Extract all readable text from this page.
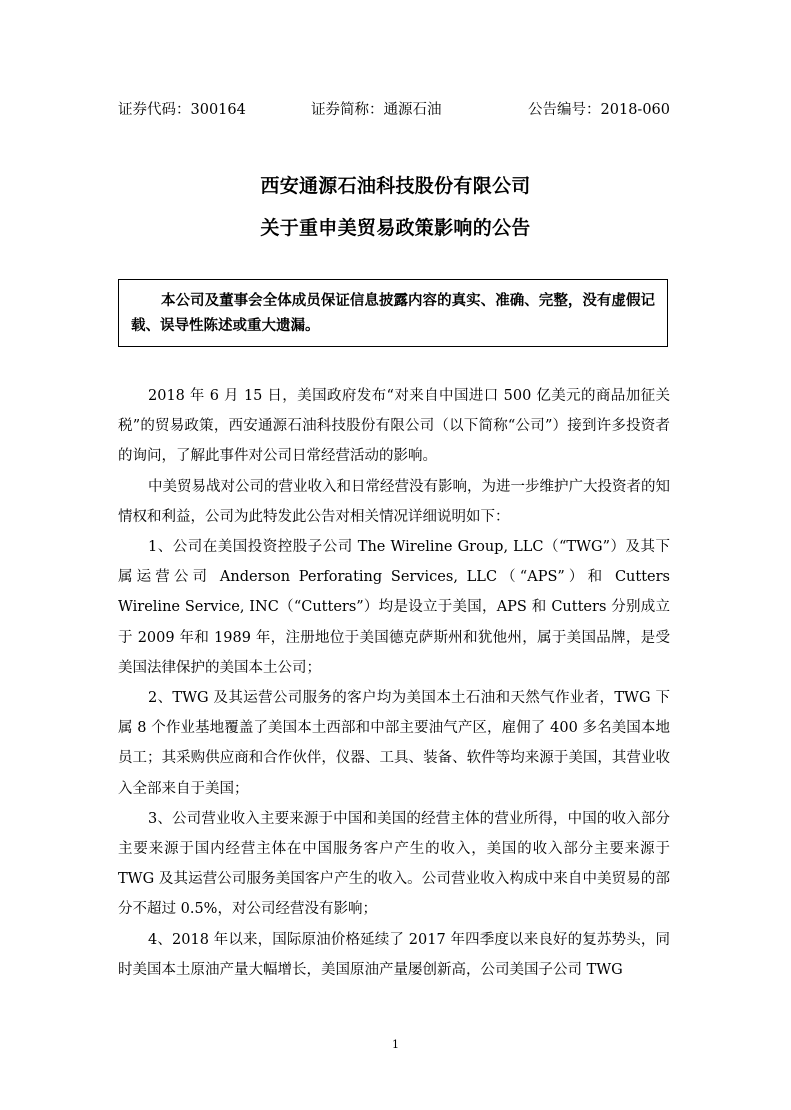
证券代码：300164	证券简称：通源石油	公告编号：2018-060
西安通源石油科技股份有限公司
关于重申美贸易政策影响的公告
本公司及董事会全体成员保证信息披露内容的真实、准确、完整，没有虚假记载、误导性陈述或重大遗漏。

2018 年 6 月 15 日，美国政府发布“对来自中国进口 500 亿美元的商品加征关税”的贸易政策，西安通源石油科技股份有限公司（以下简称“公司”）接到许多投资者的询问，了解此事件对公司日常经营活动的影响。

中美贸易战对公司的营业收入和日常经营没有影响，为进一步维护广大投资者的知情权和利益，公司为此特发此公告对相关情况详细说明如下：

1、公司在美国投资控股子公司 The Wireline Group, LLC（“TWG”）及其下属运营公司 Anderson Perforating Services, LLC（“APS”）和 Cutters Wireline Service, INC（“Cutters”）均是设立于美国，APS 和 Cutters 分别成立于 2009 年和 1989 年，注册地位于美国德克萨斯州和犹他州，属于美国品牌，是受美国法律保护的美国本土公司；

2、TWG 及其运营公司服务的客户均为美国本土石油和天然气作业者，TWG 下属 8 个作业基地覆盖了美国本土西部和中部主要油气产区，雇佣了 400 多名美国本地员工；其采购供应商和合作伙伴，仪器、工具、装备、软件等均来源于美国，其营业收入全部来自于美国；

3、公司营业收入主要来源于中国和美国的经营主体的营业所得，中国的收入部分主要来源于国内经营主体在中国服务客户产生的收入，美国的收入部分主要来源于 TWG 及其运营公司服务美国客户产生的收入。公司营业收入构成中来自中美贸易的部分不超过 0.5%，对公司经营没有影响；

4、2018 年以来，国际原油价格延续了 2017 年四季度以来良好的复苏势头，同时美国本土原油产量大幅增长，美国原油产量屡创新高，公司美国子公司 TWG

1
